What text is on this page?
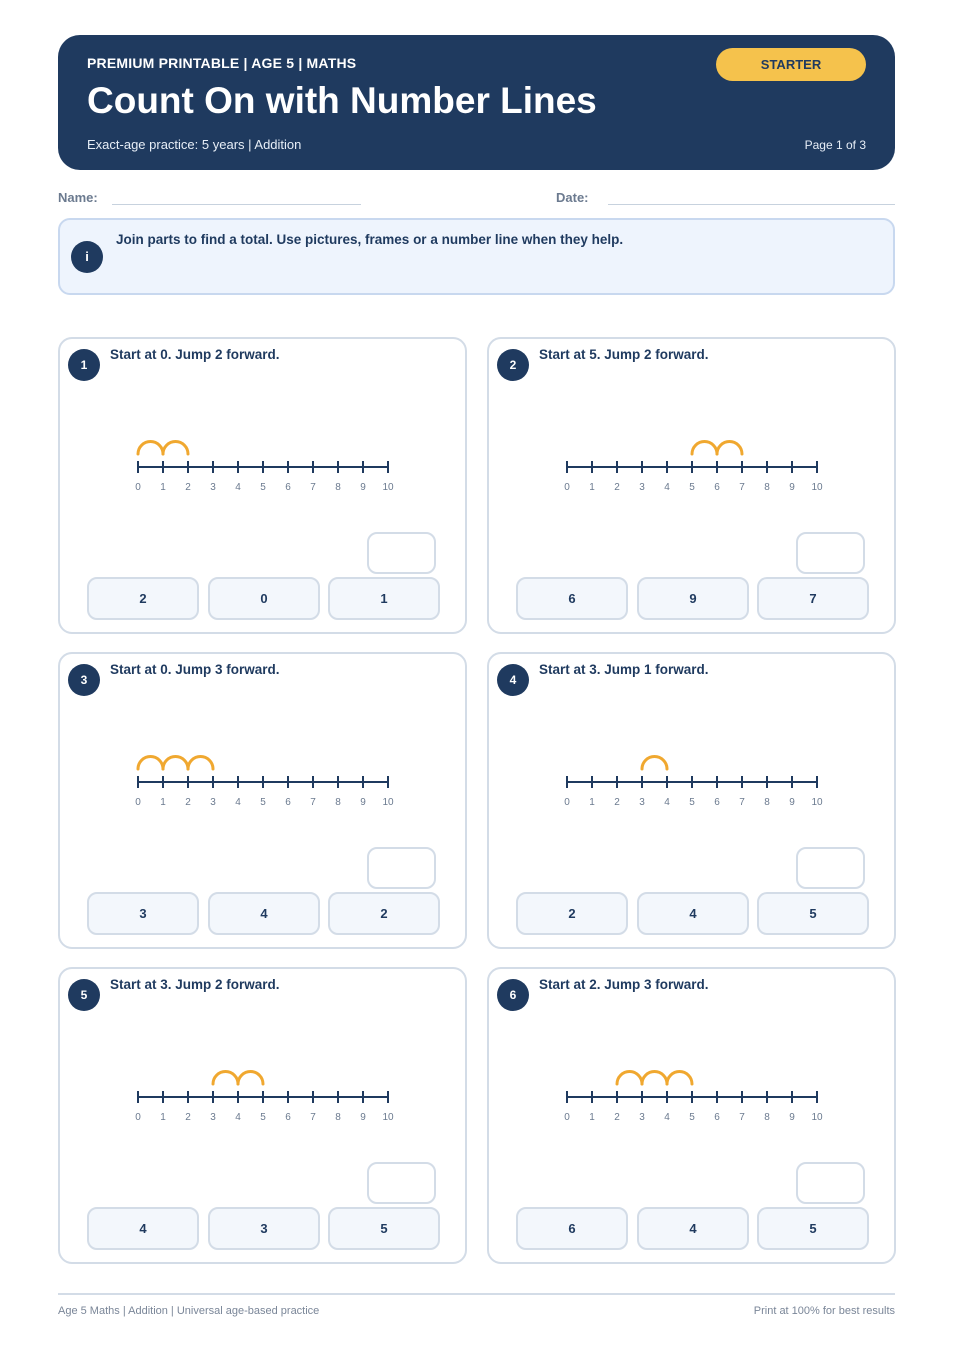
PREMIUM PRINTABLE | AGE 5 | MATHS
Count On with Number Lines
Exact-age practice: 5 years | Addition	Page 1 of 3
STARTER
Name:	Date:
i
Join parts to find a total. Use pictures, frames or a number line when they help.
1
Start at 0. Jump 2 forward.
0 1 2 3 4 5 6 7 8 9 10
2	0	1
2
Start at 5. Jump 2 forward.
0 1 2 3 4 5 6 7 8 9 10
6	9	7
3
Start at 0. Jump 3 forward.
0 1 2 3 4 5 6 7 8 9 10
3	4	2
4
Start at 3. Jump 1 forward.
0 1 2 3 4 5 6 7 8 9 10
2	4	5
5
Start at 3. Jump 2 forward.
0 1 2 3 4 5 6 7 8 9 10
4	3	5
6
Start at 2. Jump 3 forward.
0 1 2 3 4 5 6 7 8 9 10
6	4	5
Age 5 Maths | Addition | Universal age-based practice	Print at 100% for best results
